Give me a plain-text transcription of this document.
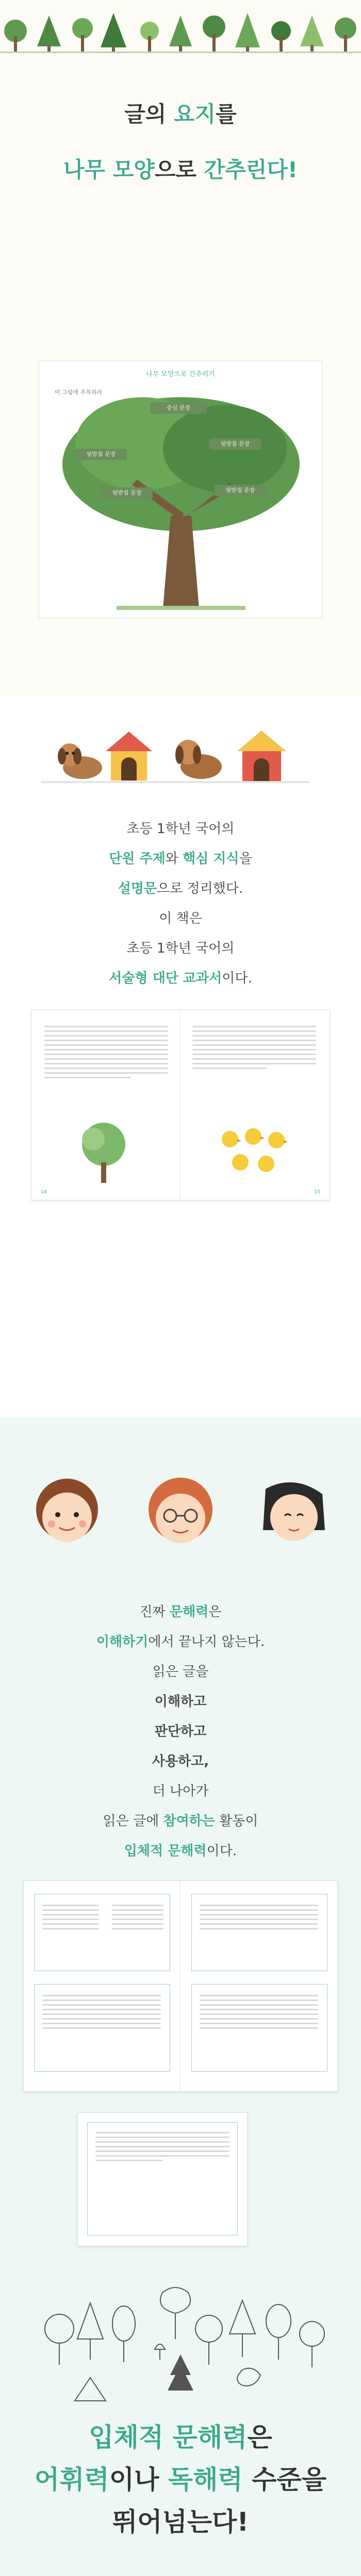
글의 요지를
나무 모양으로 간추린다!
나무 모양으로 간추리기
이 그림에 주목하라
중심 문장
뒷받침 문장
뒷받침 문장
뒷받침 문장	뒷받침 문장
초등 1학년 국어의
단원 주제와 핵심 지식을
설명문으로 정리했다.
이 책은
초등 1학년 국어의
서술형 대단 교과서이다.
14	15
진짜 문해력은
이해하기에서 끝나지 않는다.
읽은 글을
이해하고
판단하고
사용하고,
더 나아가
읽은 글에 참여하는 활동이
입체적 문해력이다.
입체적 문해력은
어휘력이나 독해력 수준을
뛰어넘는다!
